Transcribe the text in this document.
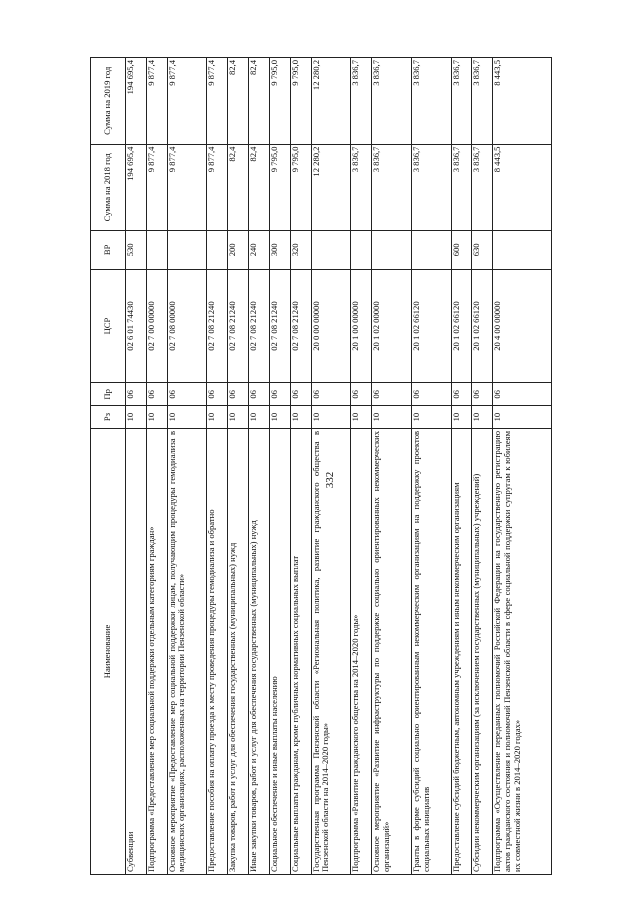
332
Наименование	Рз	Пр	ЦСР	ВР	Сумма на 2018 год	Сумма на 2019 год
Субвенции	10	06	02 6 01 74430	530	194 695,4	194 695,4
Подпрограмма «Предоставление мер социальной поддержки отдельным категориям граждан»	10	06	02 7 00 00000		9 877,4	9 877,4
Основное мероприятие «Предоставление мер социальной поддержки лицам, получающим процедуры гемодиализа в медицинских организациях, расположенных на территории Пензенской области»	10	06	02 7 08 00000		9 877,4	9 877,4
Предоставление пособия на оплату проезда к месту проведения процедуры гемодиализа и обратно	10	06	02 7 08 21240		9 877,4	9 877,4
Закупка товаров, работ и услуг для обеспечения государственных (муниципальных) нужд	10	06	02 7 08 21240	200	82,4	82,4
Иные закупки товаров, работ и услуг для обеспечения государственных (муниципальных) нужд	10	06	02 7 08 21240	240	82,4	82,4
Социальное обеспечение и иные выплаты населению	10	06	02 7 08 21240	300	9 795,0	9 795,0
Социальные выплаты гражданам, кроме публичных нормативных социальных выплат	10	06	02 7 08 21240	320	9 795,0	9 795,0
Государственная программа Пензенской области «Региональная политика, развитие гражданского общества в Пензенской области на 2014–2020 годы»	10	06	20 0 00 00000		12 280,2	12 280,2
Подпрограмма «Развитие гражданского общества на 2014–2020 годы»	10	06	20 1 00 00000		3 836,7	3 836,7
Основное мероприятие «Развитие инфраструктуры по поддержке социально ориентированных некоммерческих организаций»	10	06	20 1 02 00000		3 836,7	3 836,7
Гранты в форме субсидий социально ориентированным некоммерческим организациям на поддержку проектов социальных инициатив	10	06	20 1 02 66120		3 836,7	3 836,7
Предоставление субсидий бюджетным, автономным учреждениям и иным некоммерческим организациям	10	06	20 1 02 66120	600	3 836,7	3 836,7
Субсидии некоммерческим организациям (за исключением государственных (муниципальных) учреждений)	10	06	20 1 02 66120	630	3 836,7	3 836,7
Подпрограмма «Осуществление переданных полномочий Российской Федерации на государственную регистрацию актов гражданского состояния и полномочий Пензенской области в сфере социальной поддержки супругам к юбилеям их совместной жизни в 2014–2020 годах»	10	06	20 4 00 00000		8 443,5	8 443,5
